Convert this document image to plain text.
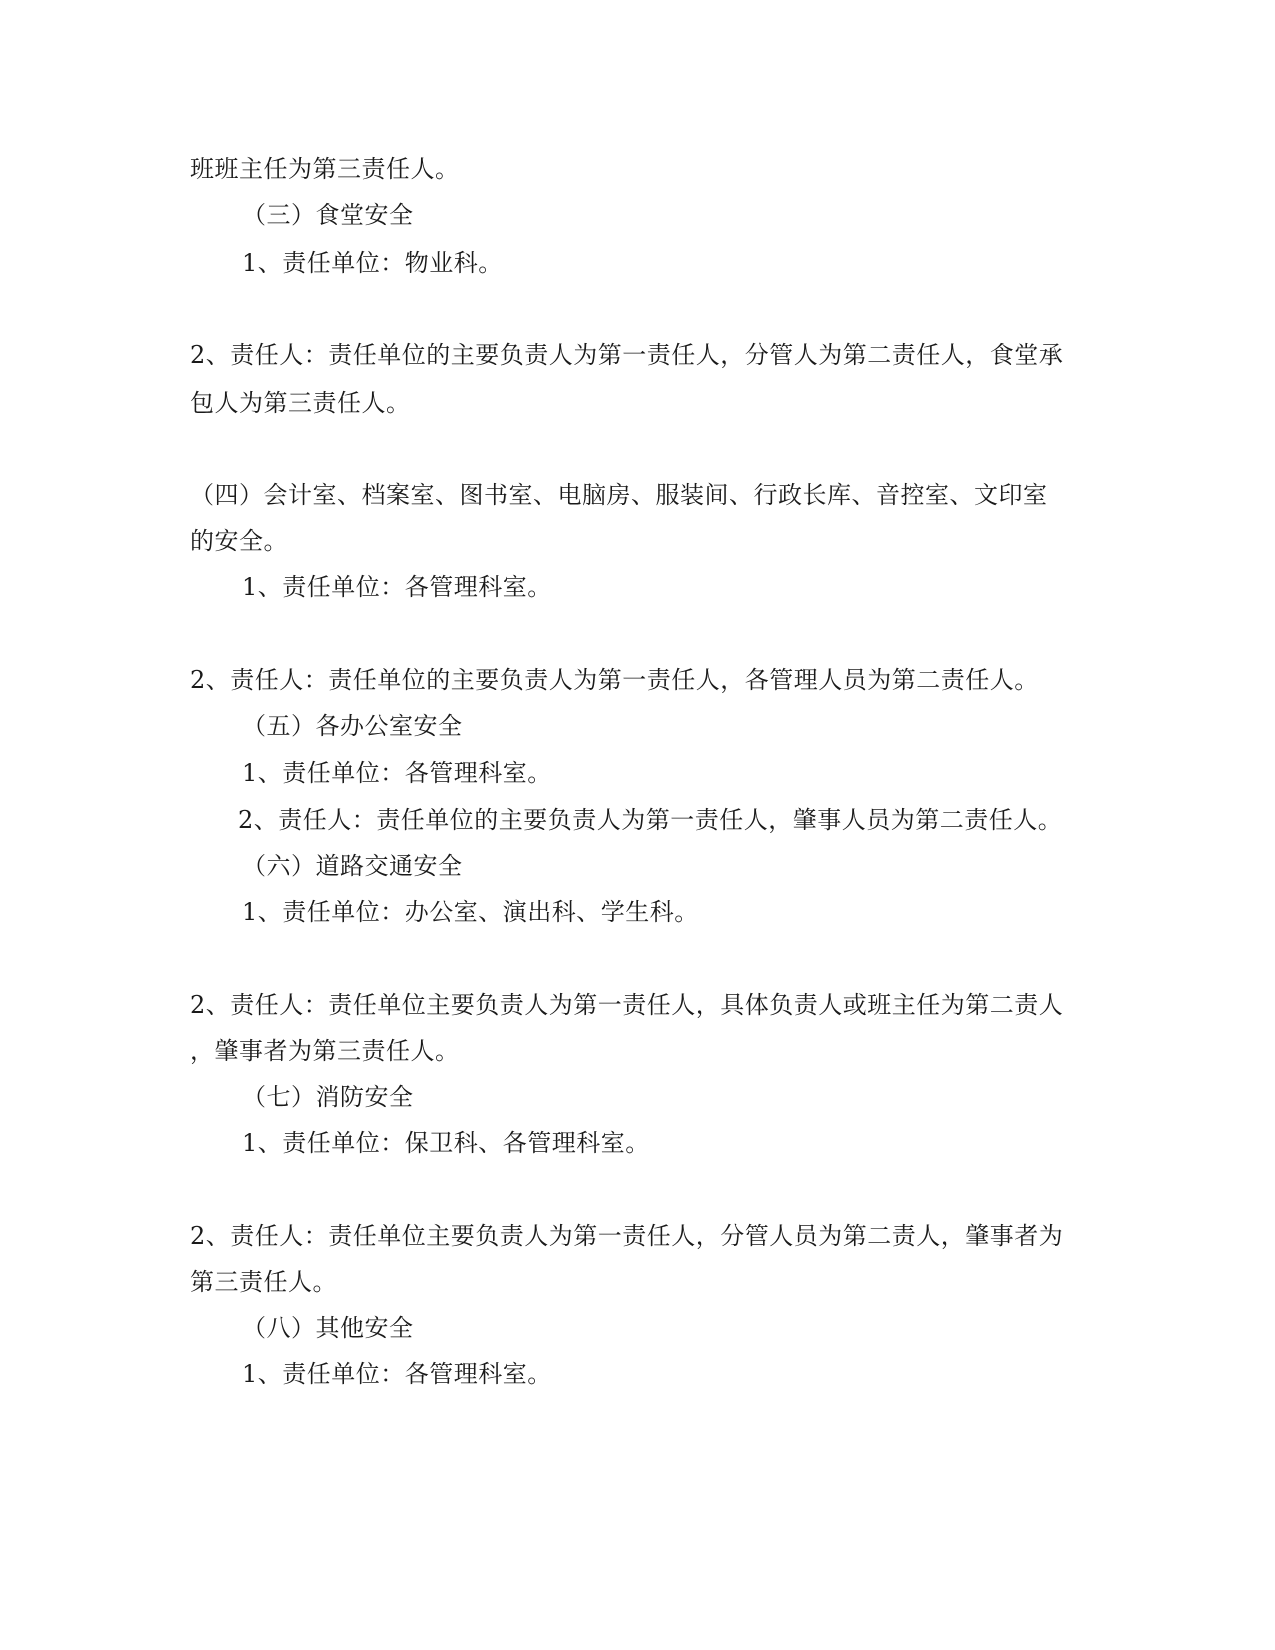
班班主任为第三责任人。
（三）食堂安全
1、责任单位：物业科。
2、责任人：责任单位的主要负责人为第一责任人，分管人为第二责任人，食堂承
包人为第三责任人。
（四）会计室、档案室、图书室、电脑房、服装间、行政长库、音控室、文印室
的安全。
1、责任单位：各管理科室。
2、责任人：责任单位的主要负责人为第一责任人，各管理人员为第二责任人。
（五）各办公室安全
1、责任单位：各管理科室。
2、责任人：责任单位的主要负责人为第一责任人，肇事人员为第二责任人。
（六）道路交通安全
1、责任单位：办公室、演出科、学生科。
2、责任人：责任单位主要负责人为第一责任人，具体负责人或班主任为第二责人
，肇事者为第三责任人。
（七）消防安全
1、责任单位：保卫科、各管理科室。
2、责任人：责任单位主要负责人为第一责任人，分管人员为第二责人，肇事者为
第三责任人。
（八）其他安全
1、责任单位：各管理科室。
